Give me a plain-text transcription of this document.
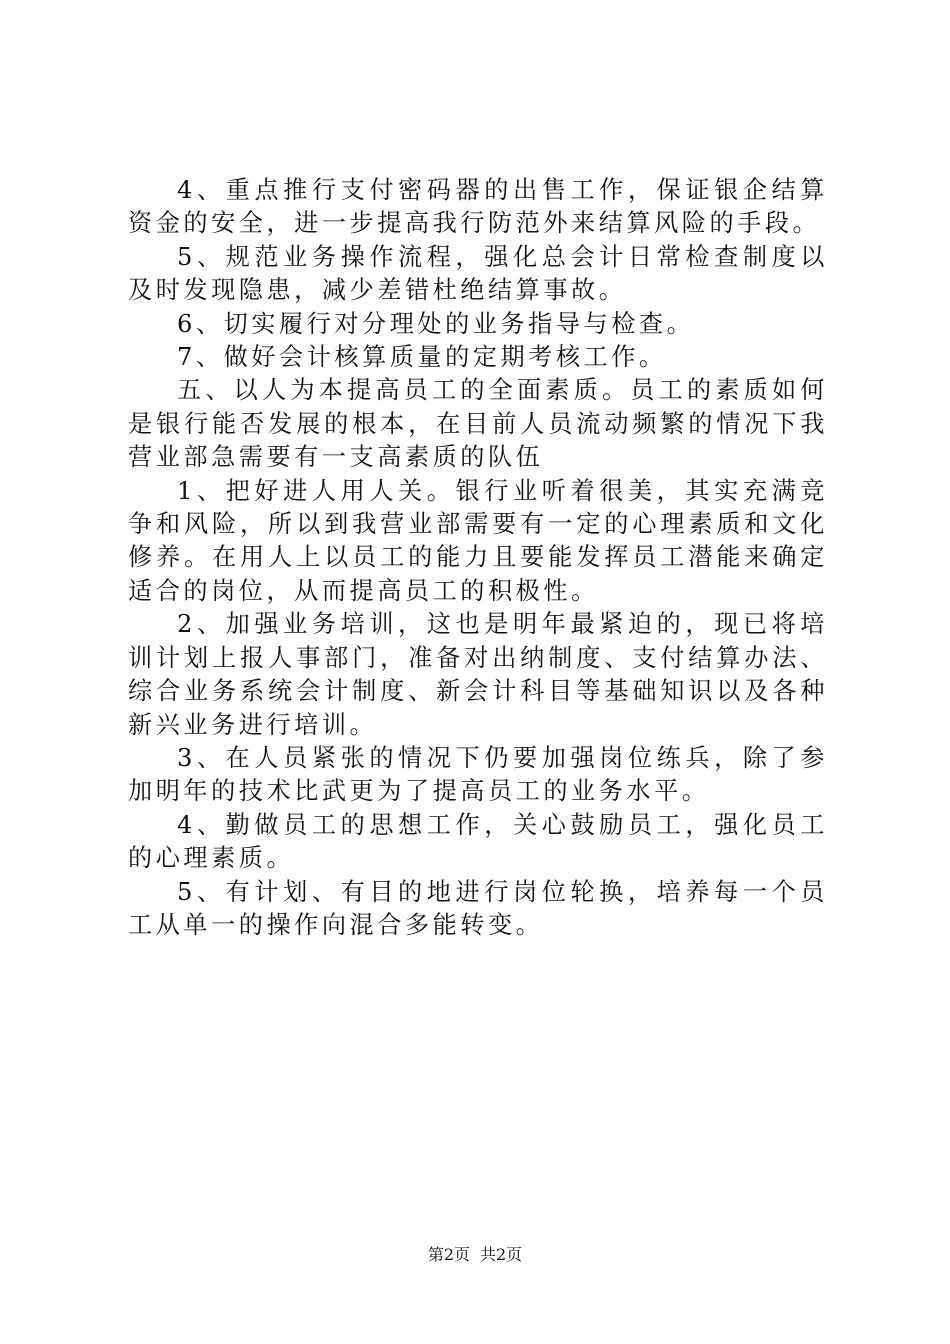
4、重点推行支付密码器的出售工作，保证银企结算资金的安全，进一步提高我行防范外来结算风险的手段。

5、规范业务操作流程，强化总会计日常检查制度以及时发现隐患，减少差错杜绝结算事故。

6、切实履行对分理处的业务指导与检查。

7、做好会计核算质量的定期考核工作。

五、以人为本提高员工的全面素质。员工的素质如何是银行能否发展的根本，在目前人员流动频繁的情况下我营业部急需要有一支高素质的队伍

1、把好进人用人关。银行业听着很美，其实充满竞争和风险，所以到我营业部需要有一定的心理素质和文化修养。在用人上以员工的能力且要能发挥员工潜能来确定适合的岗位，从而提高员工的积极性。

2、加强业务培训，这也是明年最紧迫的，现已将培训计划上报人事部门，准备对出纳制度、支付结算办法、综合业务系统会计制度、新会计科目等基础知识以及各种新兴业务进行培训。

3、在人员紧张的情况下仍要加强岗位练兵，除了参加明年的技术比武更为了提高员工的业务水平。

4、勤做员工的思想工作，关心鼓励员工，强化员工的心理素质。

5、有计划、有目的地进行岗位轮换，培养每一个员工从单一的操作向混合多能转变。

第2页 共2页
